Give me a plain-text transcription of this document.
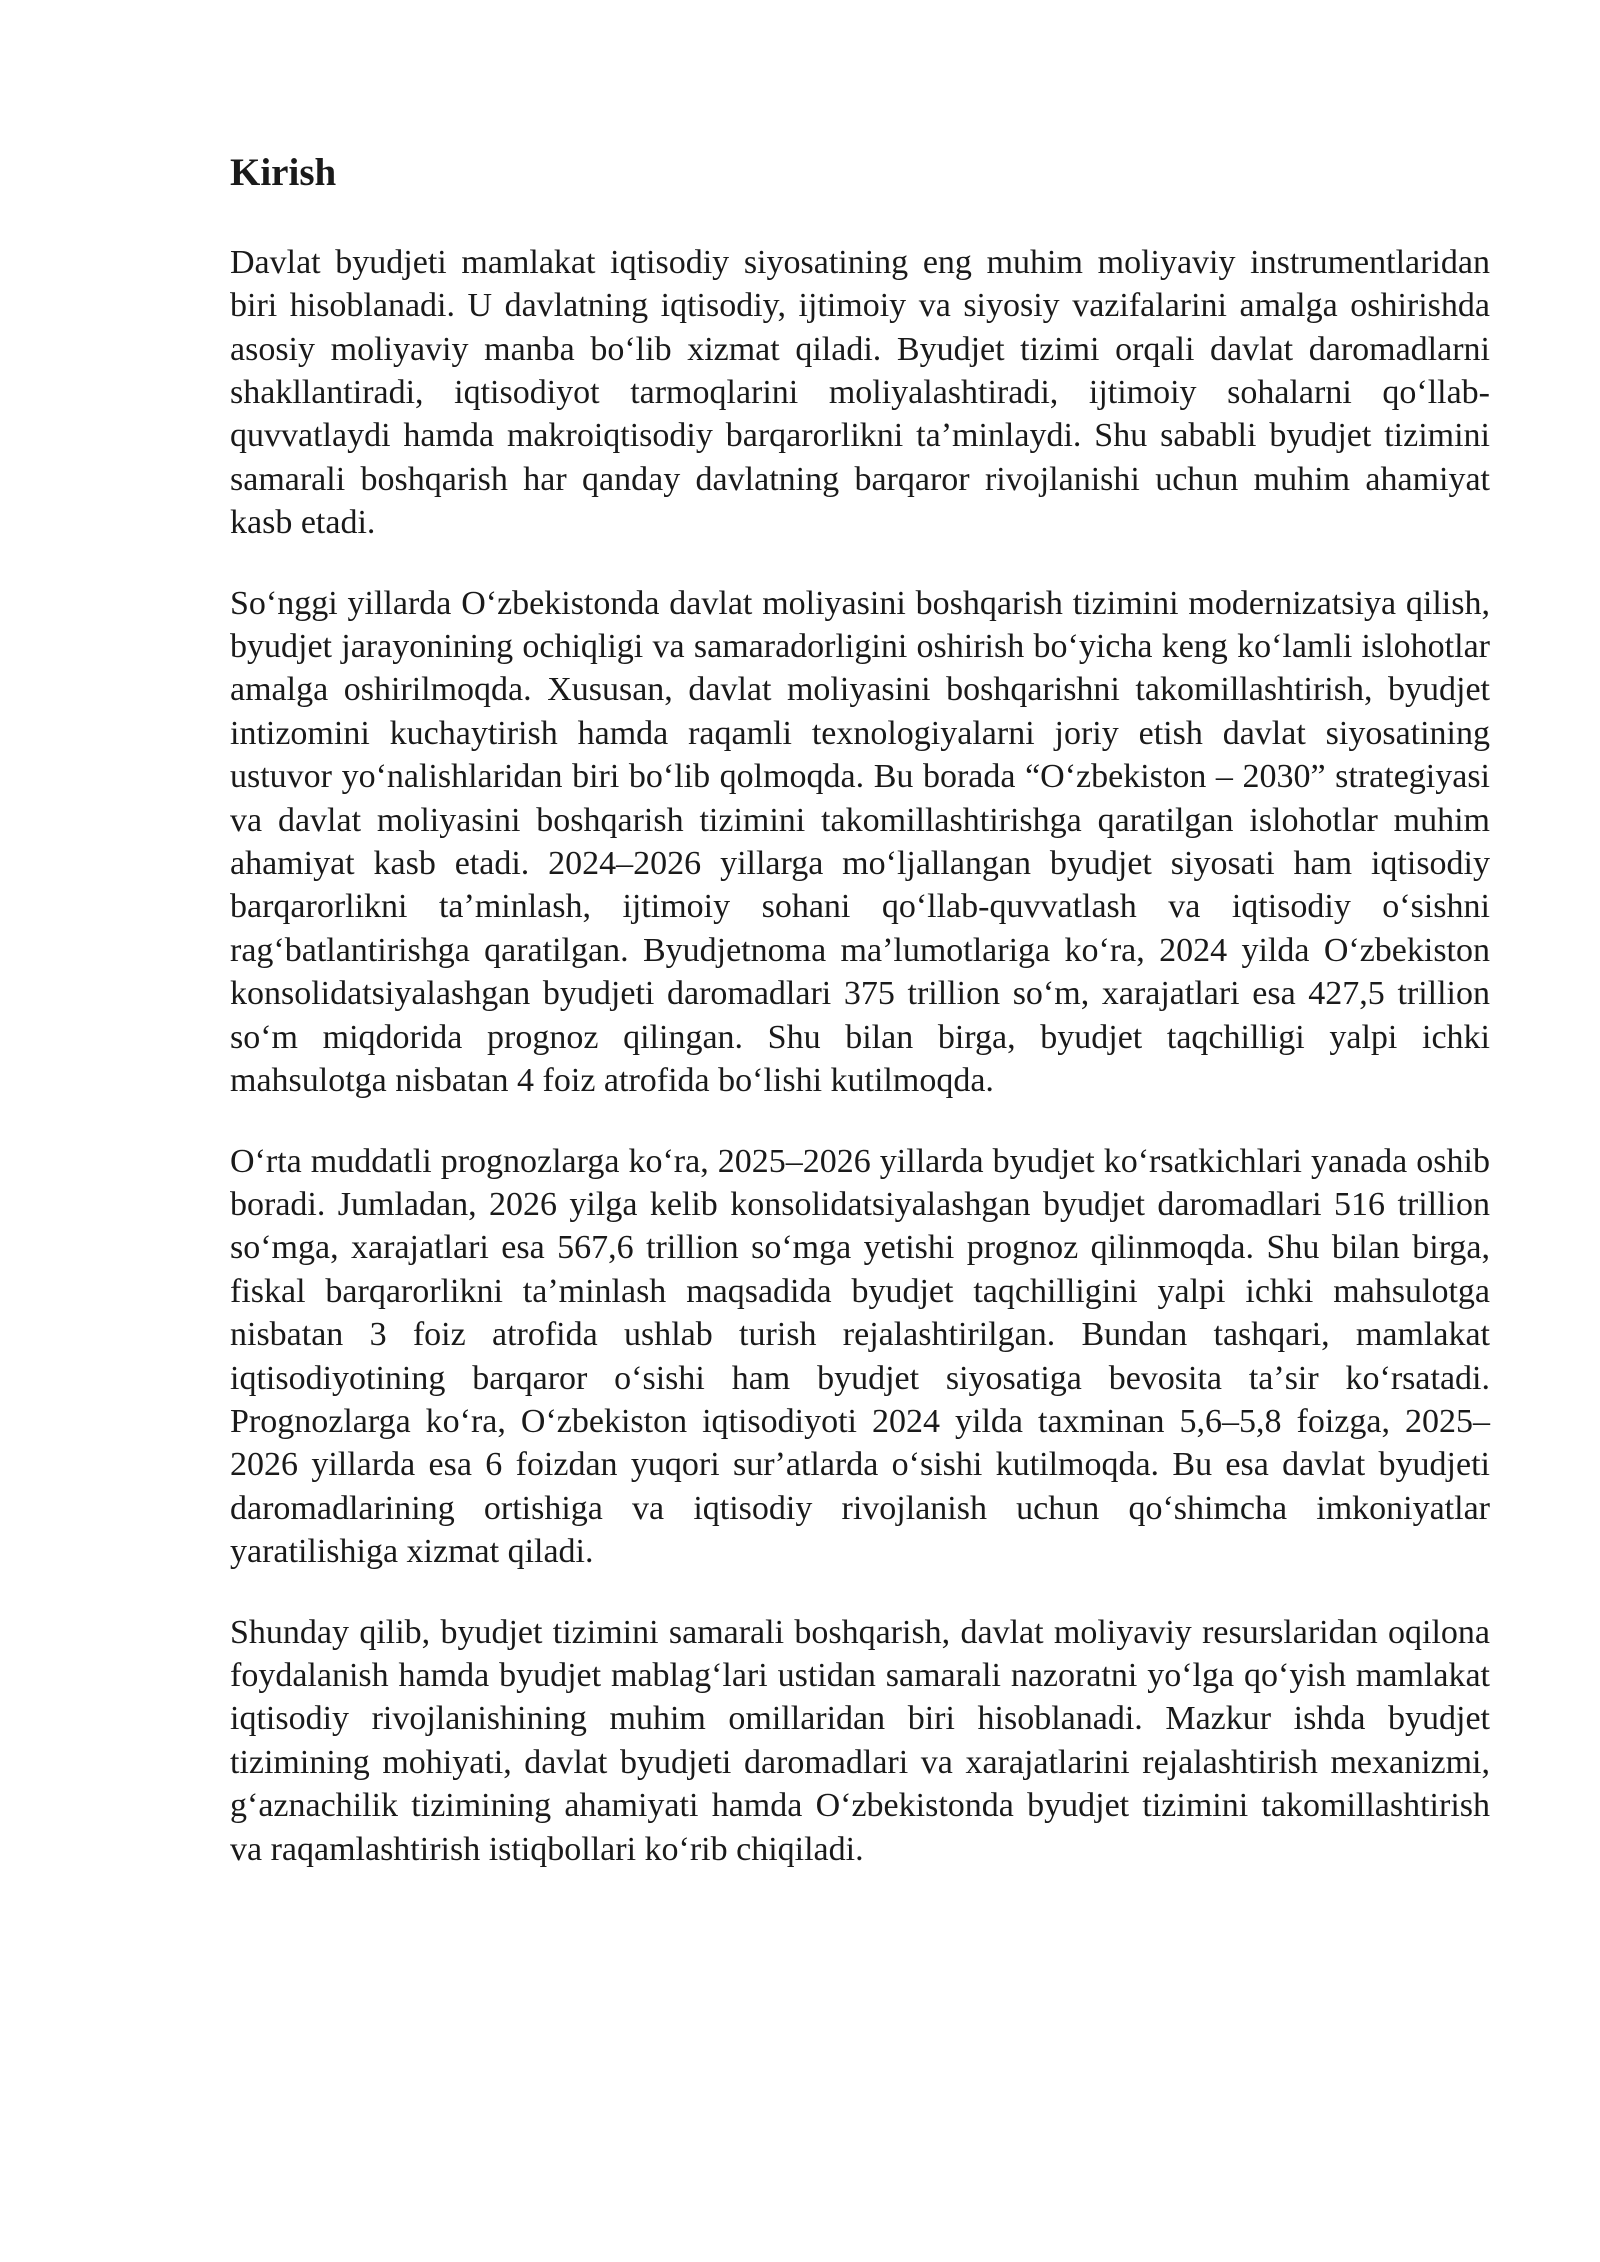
Kirish

Davlat byudjeti mamlakat iqtisodiy siyosatining eng muhim moliyaviy instrumentlaridan biri hisoblanadi. U davlatning iqtisodiy, ijtimoiy va siyosiy vazifalarini amalga oshirishda asosiy moliyaviy manba boʻlib xizmat qiladi. Byudjet tizimi orqali davlat daromadlarni shakllantiradi, iqtisodiyot tarmoqlarini moliyalashtiradi, ijtimoiy sohalarni qoʻllab-quvvatlaydi hamda makroiqtisodiy barqarorlikni taʼminlaydi. Shu sababli byudjet tizimini samarali boshqarish har qanday davlatning barqaror rivojlanishi uchun muhim ahamiyat kasb etadi.

Soʻnggi yillarda Oʻzbekistonda davlat moliyasini boshqarish tizimini modernizatsiya qilish, byudjet jarayonining ochiqligi va samaradorligini oshirish boʻyicha keng koʻlamli islohotlar amalga oshirilmoqda. Xususan, davlat moliyasini boshqarishni takomillashtirish, byudjet intizomini kuchaytirish hamda raqamli texnologiyalarni joriy etish davlat siyosatining ustuvor yoʻnalishlaridan biri boʻlib qolmoqda. Bu borada “Oʻzbekiston – 2030” strategiyasi va davlat moliyasini boshqarish tizimini takomillashtirishga qaratilgan islohotlar muhim ahamiyat kasb etadi. 2024–2026 yillarga moʻljallangan byudjet siyosati ham iqtisodiy barqarorlikni taʼminlash, ijtimoiy sohani qoʻllab-quvvatlash va iqtisodiy oʻsishni ragʻbatlantirishga qaratilgan. Byudjetnoma maʼlumotlariga koʻra, 2024 yilda Oʻzbekiston konsolidatsiyalashgan byudjeti daromadlari 375 trillion soʻm, xarajatlari esa 427,5 trillion soʻm miqdorida prognoz qilingan. Shu bilan birga, byudjet taqchilligi yalpi ichki mahsulotga nisbatan 4 foiz atrofida boʻlishi kutilmoqda.

Oʻrta muddatli prognozlarga koʻra, 2025–2026 yillarda byudjet koʻrsatkichlari yanada oshib boradi. Jumladan, 2026 yilga kelib konsolidatsiyalashgan byudjet daromadlari 516 trillion soʻmga, xarajatlari esa 567,6 trillion soʻmga yetishi prognoz qilinmoqda. Shu bilan birga, fiskal barqarorlikni taʼminlash maqsadida byudjet taqchilligini yalpi ichki mahsulotga nisbatan 3 foiz atrofida ushlab turish rejalashtirilgan. Bundan tashqari, mamlakat iqtisodiyotining barqaror oʻsishi ham byudjet siyosatiga bevosita taʼsir koʻrsatadi. Prognozlarga koʻra, Oʻzbekiston iqtisodiyoti 2024 yilda taxminan 5,6–5,8 foizga, 2025–2026 yillarda esa 6 foizdan yuqori surʼatlarda oʻsishi kutilmoqda. Bu esa davlat byudjeti daromadlarining ortishiga va iqtisodiy rivojlanish uchun qoʻshimcha imkoniyatlar yaratilishiga xizmat qiladi.

Shunday qilib, byudjet tizimini samarali boshqarish, davlat moliyaviy resurslaridan oqilona foydalanish hamda byudjet mablagʻlari ustidan samarali nazoratni yoʻlga qoʻyish mamlakat iqtisodiy rivojlanishining muhim omillaridan biri hisoblanadi. Mazkur ishda byudjet tizimining mohiyati, davlat byudjeti daromadlari va xarajatlarini rejalashtirish mexanizmi, gʻaznachilik tizimining ahamiyati hamda Oʻzbekistonda byudjet tizimini takomillashtirish va raqamlashtirish istiqbollari koʻrib chiqiladi.
